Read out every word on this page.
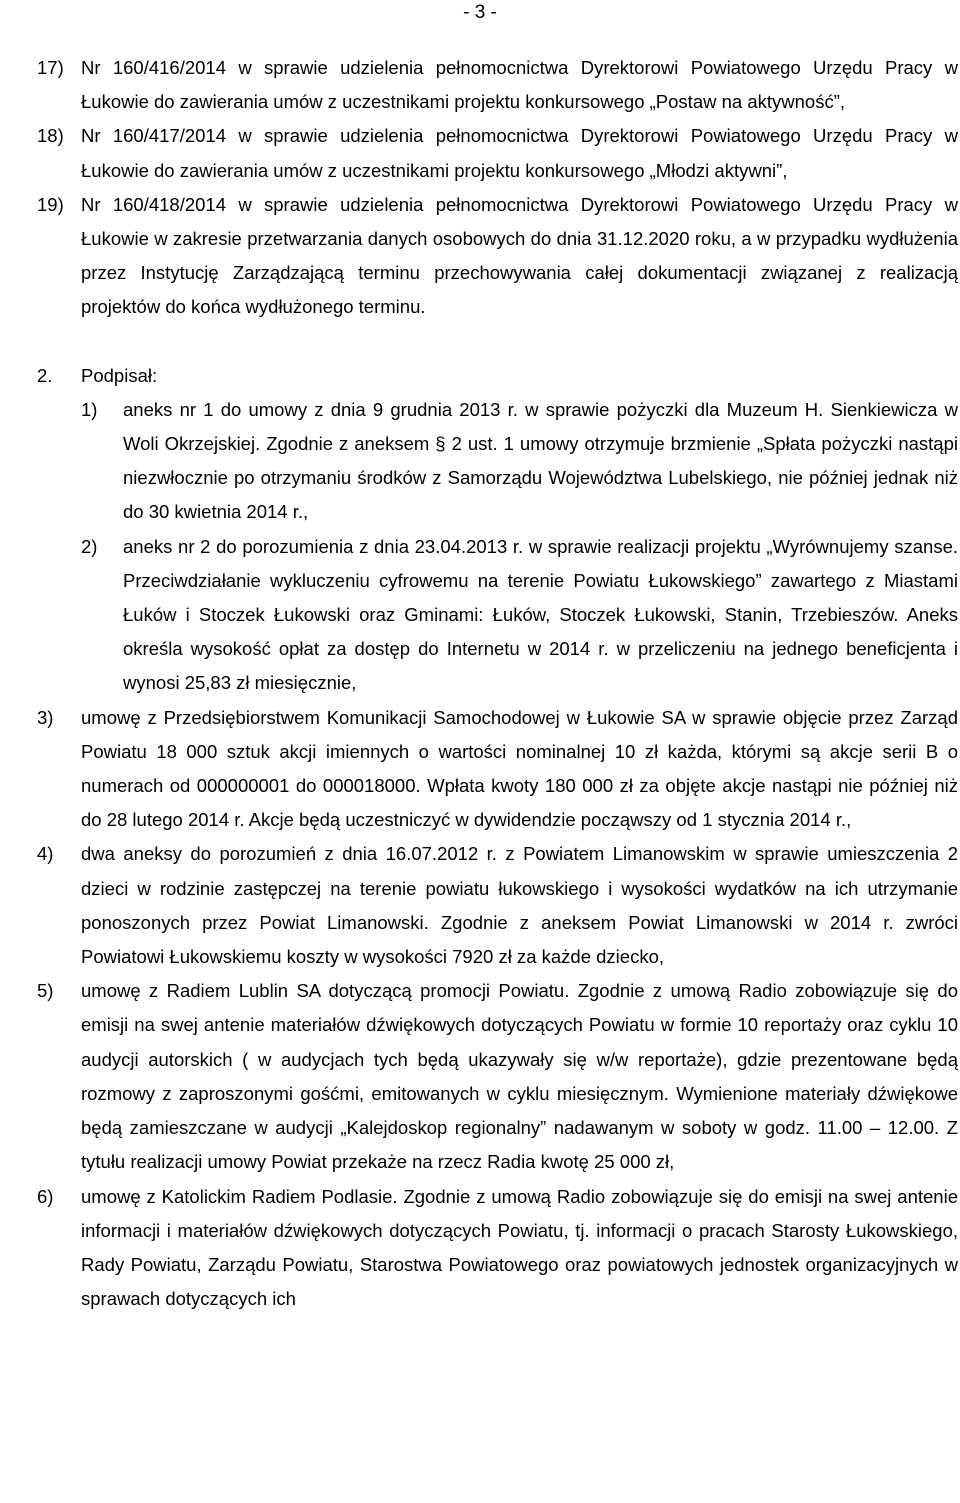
- 3 -
17) Nr 160/416/2014 w sprawie udzielenia pełnomocnictwa Dyrektorowi Powiatowego Urzędu Pracy w Łukowie do zawierania umów z uczestnikami projektu konkursowego „Postaw na aktywność”,
18) Nr 160/417/2014 w sprawie udzielenia pełnomocnictwa Dyrektorowi Powiatowego Urzędu Pracy w Łukowie do zawierania umów z uczestnikami projektu konkursowego „Młodzi aktywni”,
19) Nr 160/418/2014 w sprawie udzielenia pełnomocnictwa Dyrektorowi Powiatowego Urzędu Pracy w Łukowie w zakresie przetwarzania danych osobowych do dnia 31.12.2020 roku, a w przypadku wydłużenia przez Instytucję Zarządzającą terminu przechowywania całej dokumentacji związanej z realizacją projektów do końca wydłużonego terminu.
2.	Podpisał:
1)	aneks nr 1 do umowy z dnia 9 grudnia 2013 r. w sprawie pożyczki dla Muzeum H. Sienkiewicza w Woli Okrzejskiej. Zgodnie z aneksem § 2 ust. 1 umowy otrzymuje brzmienie „Spłata pożyczki nastąpi niezwłocznie po otrzymaniu środków z Samorządu Województwa Lubelskiego, nie później jednak niż do 30 kwietnia 2014 r.,
2)	aneks nr 2 do porozumienia z dnia 23.04.2013 r. w sprawie realizacji projektu „Wyrównujemy szanse. Przeciwdziałanie wykluczeniu cyfrowemu na terenie Powiatu Łukowskiego” zawartego z Miastami Łuków i Stoczek Łukowski oraz Gminami: Łuków, Stoczek Łukowski, Stanin, Trzebieszów. Aneks określa wysokość opłat za dostęp do Internetu w 2014 r. w przeliczeniu na jednego beneficjenta i wynosi 25,83 zł miesięcznie,
3)	umowę z Przedsiębiorstwem Komunikacji Samochodowej w Łukowie SA w sprawie objęcie przez Zarząd Powiatu 18 000 sztuk akcji imiennych o wartości nominalnej 10 zł każda, którymi są akcje serii B o numerach od 000000001 do 000018000. Wpłata kwoty 180 000 zł za objęte akcje nastąpi nie później niż do 28 lutego 2014 r. Akcje będą uczestniczyć w dywidendzie począwszy od 1 stycznia 2014 r.,
4)	dwa aneksy do porozumień z dnia 16.07.2012 r. z Powiatem Limanowskim w sprawie umieszczenia 2 dzieci w rodzinie zastępczej na terenie powiatu łukowskiego i wysokości wydatków na ich utrzymanie ponoszonych przez Powiat Limanowski. Zgodnie z aneksem Powiat Limanowski w 2014 r. zwróci Powiatowi Łukowskiemu koszty w wysokości 7920 zł za każde dziecko,
5)	umowę z Radiem Lublin SA dotyczącą promocji Powiatu. Zgodnie z umową Radio zobowiązuje się do emisji na swej antenie materiałów dźwiękowych dotyczących Powiatu w formie 10 reportaży oraz cyklu 10 audycji autorskich ( w audycjach tych będą ukazywały się w/w reportaże), gdzie prezentowane będą rozmowy z zaproszonymi gośćmi, emitowanych w cyklu miesięcznym. Wymienione materiały dźwiękowe będą zamieszczane w audycji „Kalejdoskop regionalny” nadawanym w soboty w godz. 11.00 – 12.00. Z tytułu realizacji umowy Powiat przekaże na rzecz Radia kwotę 25 000 zł,
6)	umowę z Katolickim Radiem Podlasie. Zgodnie z umową Radio zobowiązuje się do emisji na swej antenie informacji i materiałów dźwiękowych dotyczących Powiatu, tj. informacji o pracach Starosty Łukowskiego, Rady Powiatu, Zarządu Powiatu, Starostwa Powiatowego oraz powiatowych jednostek organizacyjnych w sprawach dotyczących ich
